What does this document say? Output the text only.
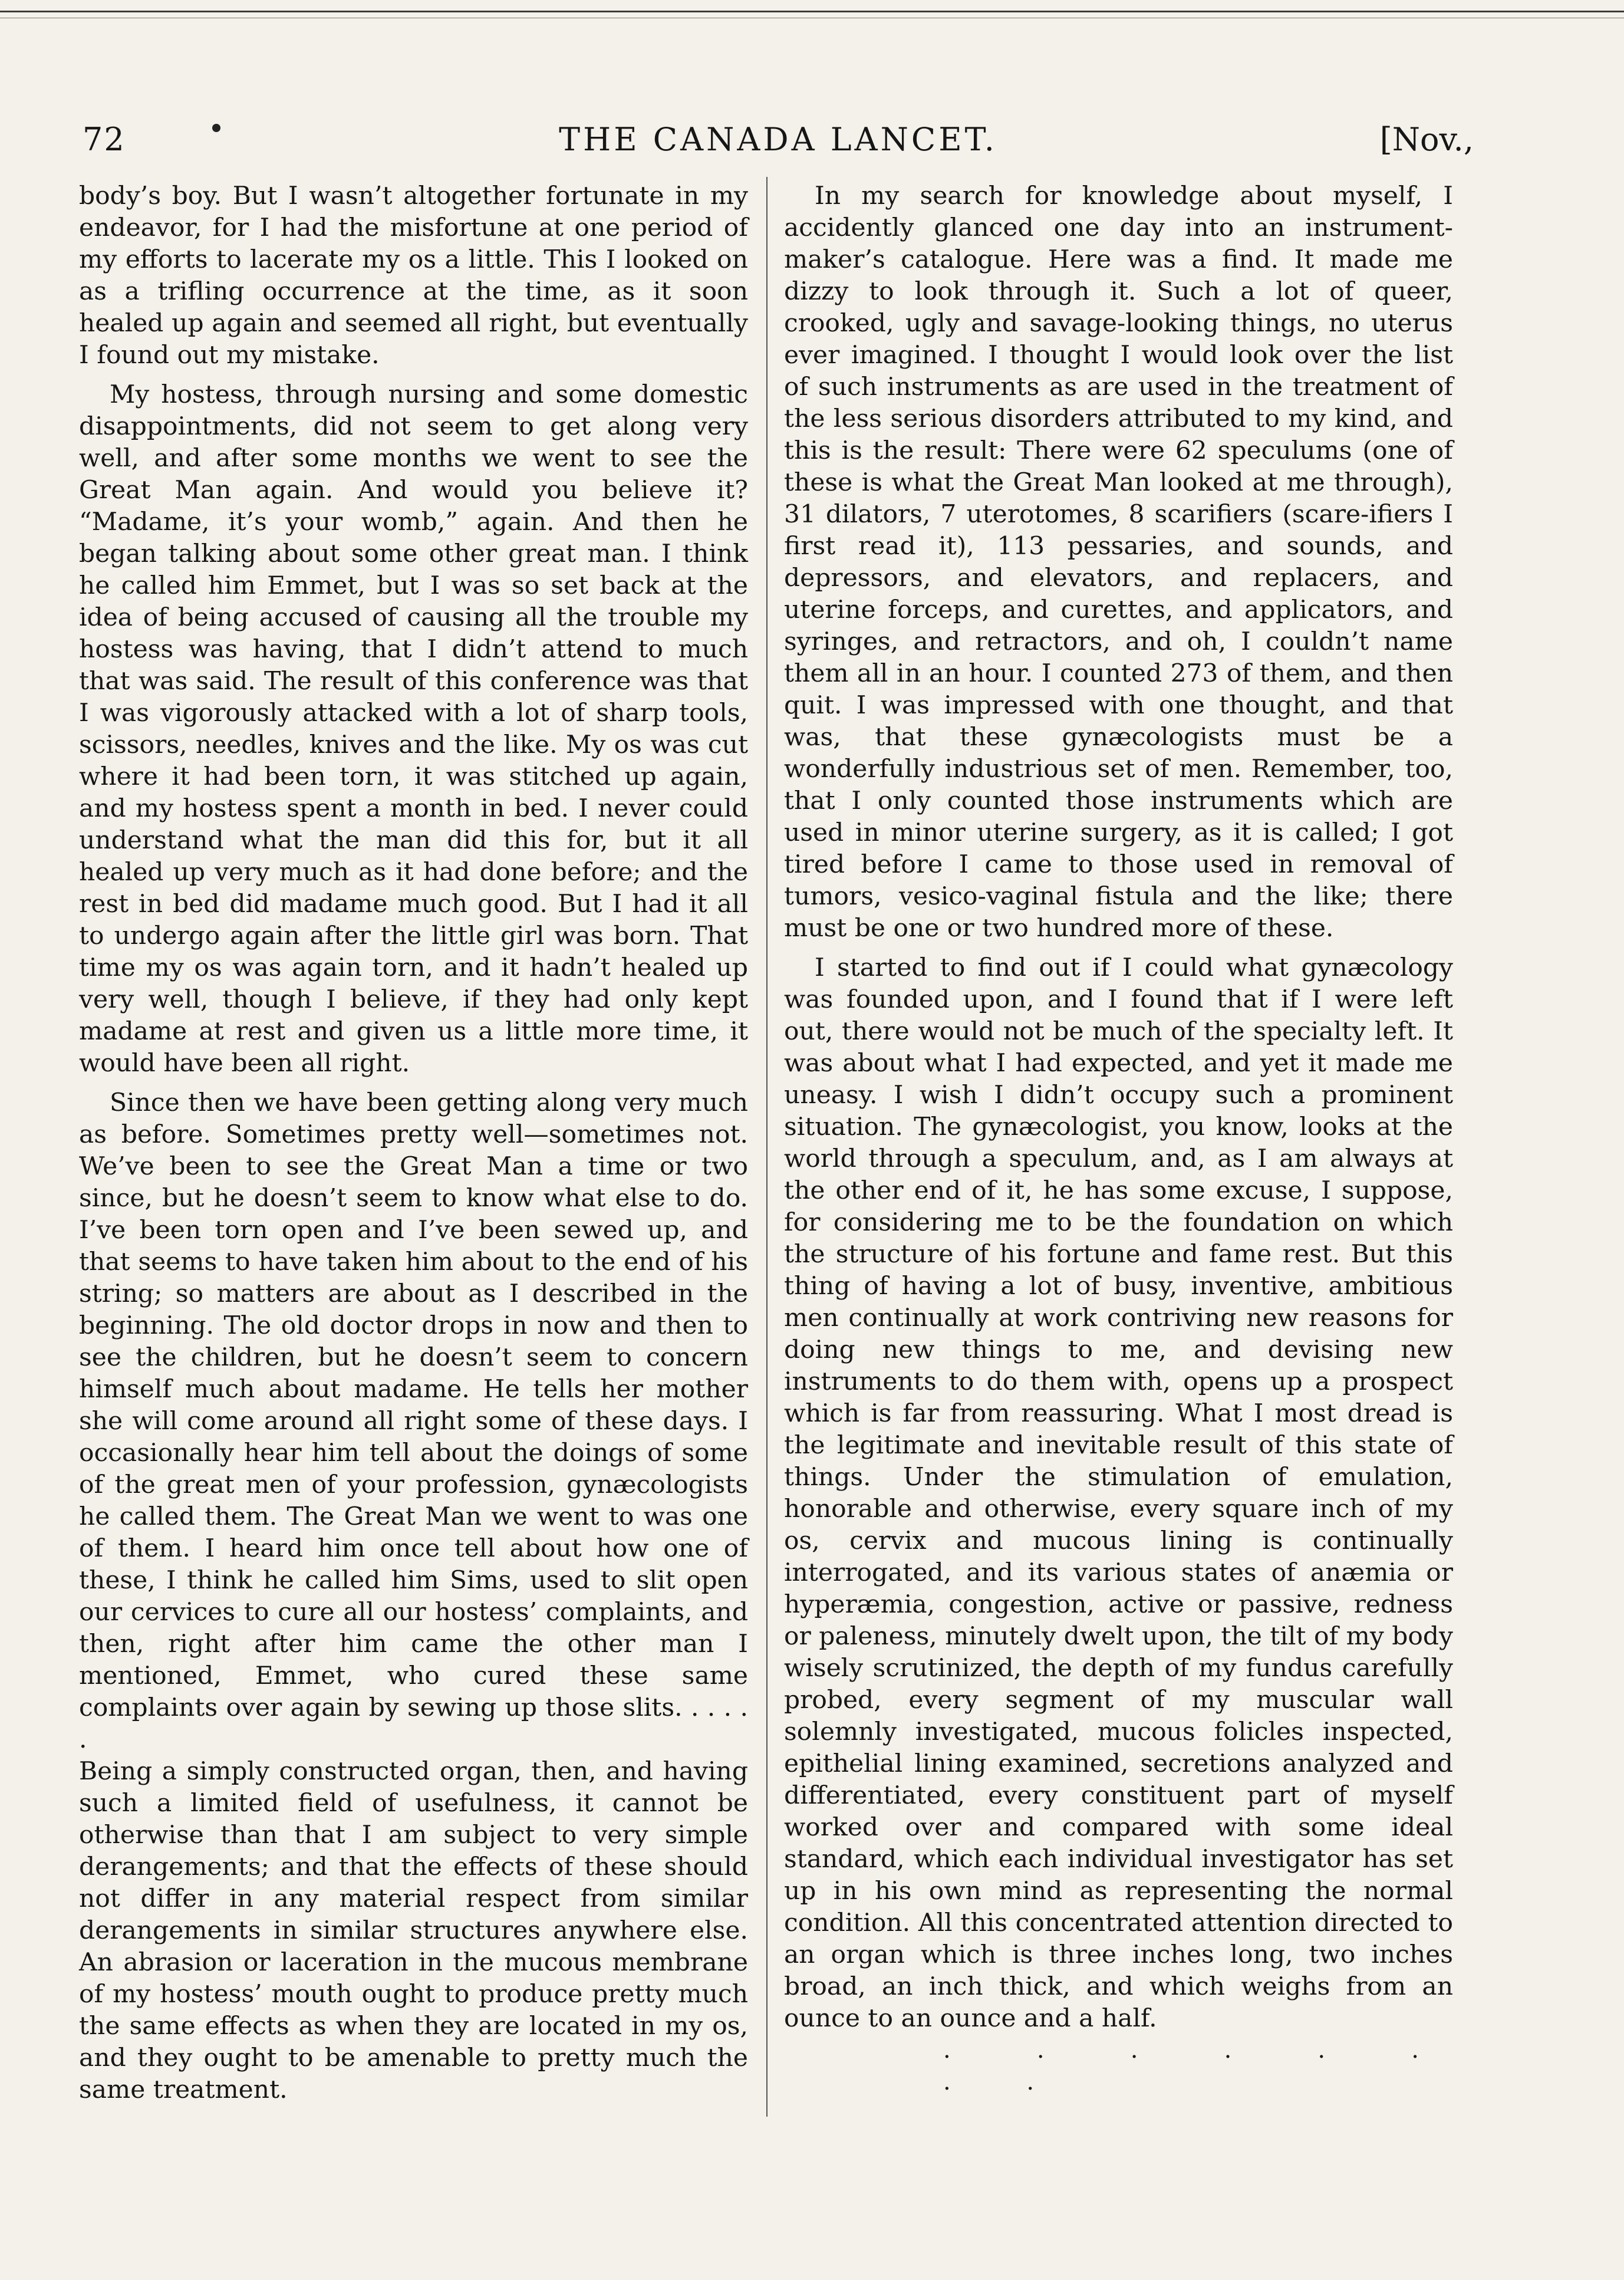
72	THE CANADA LANCET.	[Nov.,

body’s boy. But I wasn’t altogether fortunate in my endeavor, for I had the misfortune at one period of my efforts to lacerate my os a little. This I looked on as a trifling occurrence at the time, as it soon healed up again and seemed all right, but eventually I found out my mistake.

My hostess, through nursing and some domestic disappointments, did not seem to get along very well, and after some months we went to see the Great Man again. And would you believe it? “Madame, it’s your womb,” again. And then he began talking about some other great man. I think he called him Emmet, but I was so set back at the idea of being accused of causing all the trouble my hostess was having, that I didn’t attend to much that was said. The result of this conference was that I was vigorously attacked with a lot of sharp tools, scissors, needles, knives and the like. My os was cut where it had been torn, it was stitched up again, and my hostess spent a month in bed. I never could understand what the man did this for, but it all healed up very much as it had done before; and the rest in bed did madame much good. But I had it all to undergo again after the little girl was born. That time my os was again torn, and it hadn’t healed up very well, though I believe, if they had only kept madame at rest and given us a little more time, it would have been all right.

Since then we have been getting along very much as before. Sometimes pretty well—sometimes not. We’ve been to see the Great Man a time or two since, but he doesn’t seem to know what else to do. I’ve been torn open and I’ve been sewed up, and that seems to have taken him about to the end of his string; so matters are about as I described in the beginning. The old doctor drops in now and then to see the children, but he doesn’t seem to concern himself much about madame. He tells her mother she will come around all right some of these days. I occasionally hear him tell about the doings of some of the great men of your profession, gynæcologists he called them. The Great Man we went to was one of them. I heard him once tell about how one of these, I think he called him Sims, used to slit open our cervices to cure all our hostess’ complaints, and then, right after him came the other man I mentioned, Emmet, who cured these same complaints over again by sewing up those slits. . . . . .

Being a simply constructed organ, then, and having such a limited field of usefulness, it cannot be otherwise than that I am subject to very simple derangements; and that the effects of these should not differ in any material respect from similar derangements in similar structures anywhere else. An abrasion or laceration in the mucous membrane of my hostess’ mouth ought to produce pretty much the same effects as when they are located in my os, and they ought to be amenable to pretty much the same treatment.

In my search for knowledge about myself, I accidently glanced one day into an instrument-maker’s catalogue. Here was a find. It made me dizzy to look through it. Such a lot of queer, crooked, ugly and savage-looking things, no uterus ever imagined. I thought I would look over the list of such instruments as are used in the treatment of the less serious disorders attributed to my kind, and this is the result: There were 62 speculums (one of these is what the Great Man looked at me through), 31 dilators, 7 uterotomes, 8 scarifiers (scare-ifiers I first read it), 113 pessaries, and sounds, and depressors, and elevators, and replacers, and uterine forceps, and curettes, and applicators, and syringes, and retractors, and oh, I couldn’t name them all in an hour. I counted 273 of them, and then quit. I was impressed with one thought, and that was, that these gynæcologists must be a wonderfully industrious set of men. Remember, too, that I only counted those instruments which are used in minor uterine surgery, as it is called; I got tired before I came to those used in removal of tumors, vesico-vaginal fistula and the like; there must be one or two hundred more of these.

I started to find out if I could what gynæcology was founded upon, and I found that if I were left out, there would not be much of the specialty left. It was about what I had expected, and yet it made me uneasy. I wish I didn’t occupy such a prominent situation. The gynæcologist, you know, looks at the world through a speculum, and, as I am always at the other end of it, he has some excuse, I suppose, for considering me to be the foundation on which the structure of his fortune and fame rest. But this thing of having a lot of busy, inventive, ambitious men continually at work contriving new reasons for doing new things to me, and devising new instruments to do them with, opens up a prospect which is far from reassuring. What I most dread is the legitimate and inevitable result of this state of things. Under the stimulation of emulation, honorable and otherwise, every square inch of my os, cervix and mucous lining is continually interrogated, and its various states of anæmia or hyperæmia, congestion, active or passive, redness or paleness, minutely dwelt upon, the tilt of my body wisely scrutinized, the depth of my fundus carefully probed, every segment of my muscular wall solemnly investigated, mucous folicles inspected, epithelial lining examined, secretions analyzed and differentiated, every constituent part of myself worked over and compared with some ideal standard, which each individual investigator has set up in his own mind as representing the normal condition. All this concentrated attention directed to an organ which is three inches long, two inches broad, an inch thick, and which weighs from an ounce to an ounce and a half.

. . . . . . . .
